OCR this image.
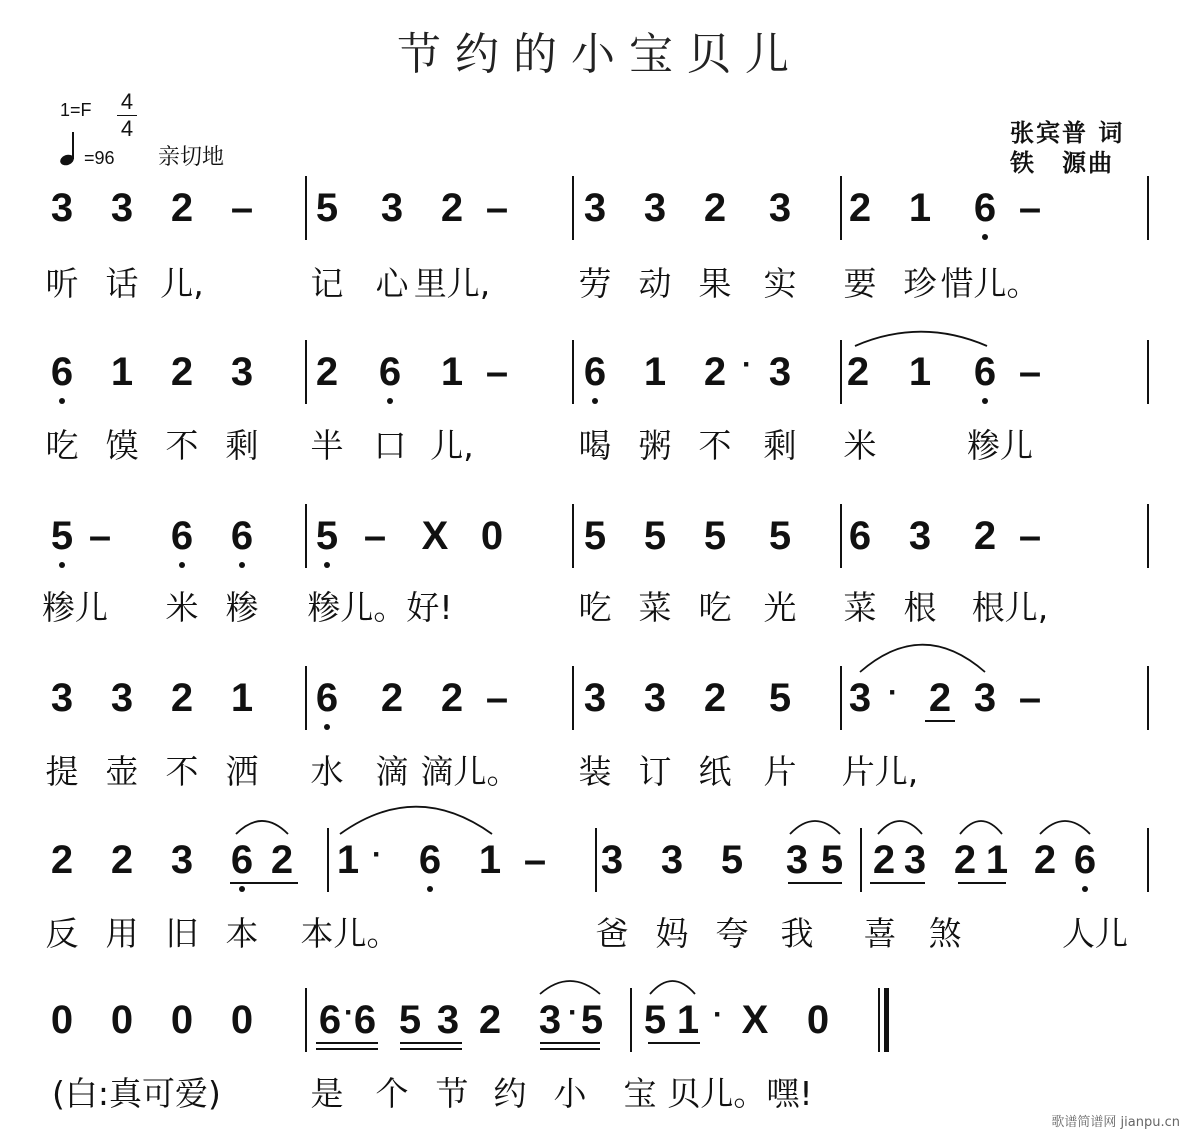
节约的小宝贝儿
1=F 4
4
=96 亲切地
张宾普 词
铁　源曲
3 3 2 – 5 3 2 – 3 3 2 3 2 1 6 –
听 话 儿,	记 心 里儿,	劳 动 果 实 要 珍 惜儿。
6 1 2 3 2 6 1 – 6 1 2 3 2 1 6 –
·
吃 馍 不 剩 半 口 儿,	喝 粥 不 剩 米	糁儿
5 – 6 6 5 – X 0 5 5 5 5 6 3 2 –
糁儿 米 糁 糁儿。好!	吃 菜 吃 光 菜 根 根儿,
3 3 2 1 6 2 2 – 3 3 2 5 3 2 3 –
·
提 壶 不 洒 水 滴 滴儿。 装 订 纸 片 片儿,
2 2 3 6 2 1 6 1 – 3 3 5 3 5 2 3 2 1 2 6
·
反 用 旧 本 本儿。	爸 妈 夸 我 喜 煞	人儿
0 0 0 0 6 6 5 3 2 3 5 5 1 X 0
·	·	·
(白:真可爱)	是 个 节 约 小 宝 贝儿。嘿!
歌谱简谱网 jianpu.cn
